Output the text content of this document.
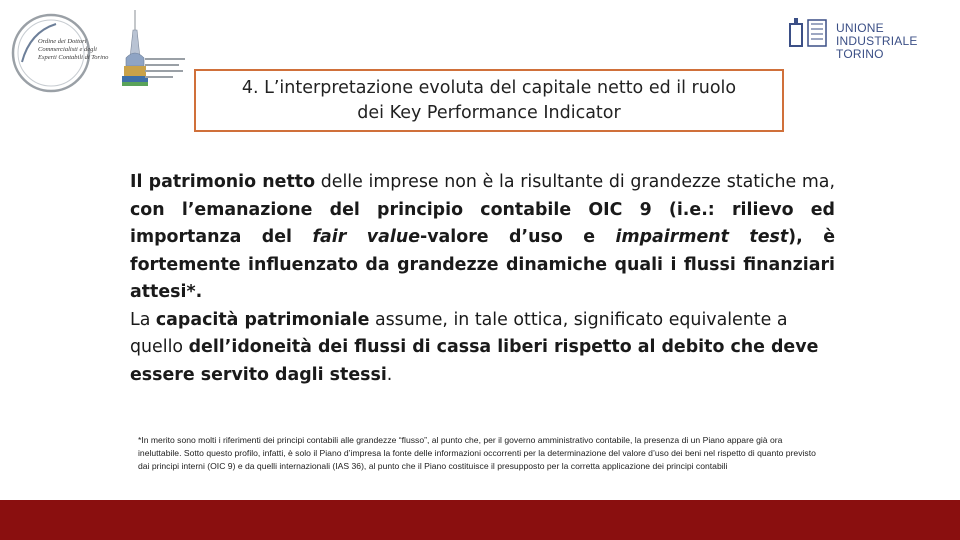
Ordine dei Dottori Commercialisti e degli Esperti Contabili di Torino
UNIONE INDUSTRIALE
TORINO
4. L’interpretazione evoluta del capitale netto ed il ruolo
dei Key Performance Indicator

Il patrimonio netto delle imprese non è la risultante di grandezze statiche ma, con l’emanazione del principio contabile OIC 9 (i.e.: rilievo ed importanza del fair value-valore d’uso e impairment test), è fortemente influenzato da grandezze dinamiche quali i flussi finanziari attesi*.

La capacità patrimoniale assume, in tale ottica, significato equivalente a quello dell’idoneità dei flussi di cassa liberi rispetto al debito che deve essere servito dagli stessi.

*In merito sono molti i riferimenti dei principi contabili alle grandezze “flusso”, al punto che, per il governo amministrativo contabile, la presenza di un Piano appare già ora ineluttabile. Sotto questo profilo, infatti, è solo il Piano d’impresa la fonte delle informazioni occorrenti per la determinazione del valore d’uso dei beni nel rispetto di quanto previsto dai principi interni (OIC 9) e da quelli internazionali (IAS 36), al punto che il Piano costituisce il presupposto per la corretta applicazione dei principi contabili
